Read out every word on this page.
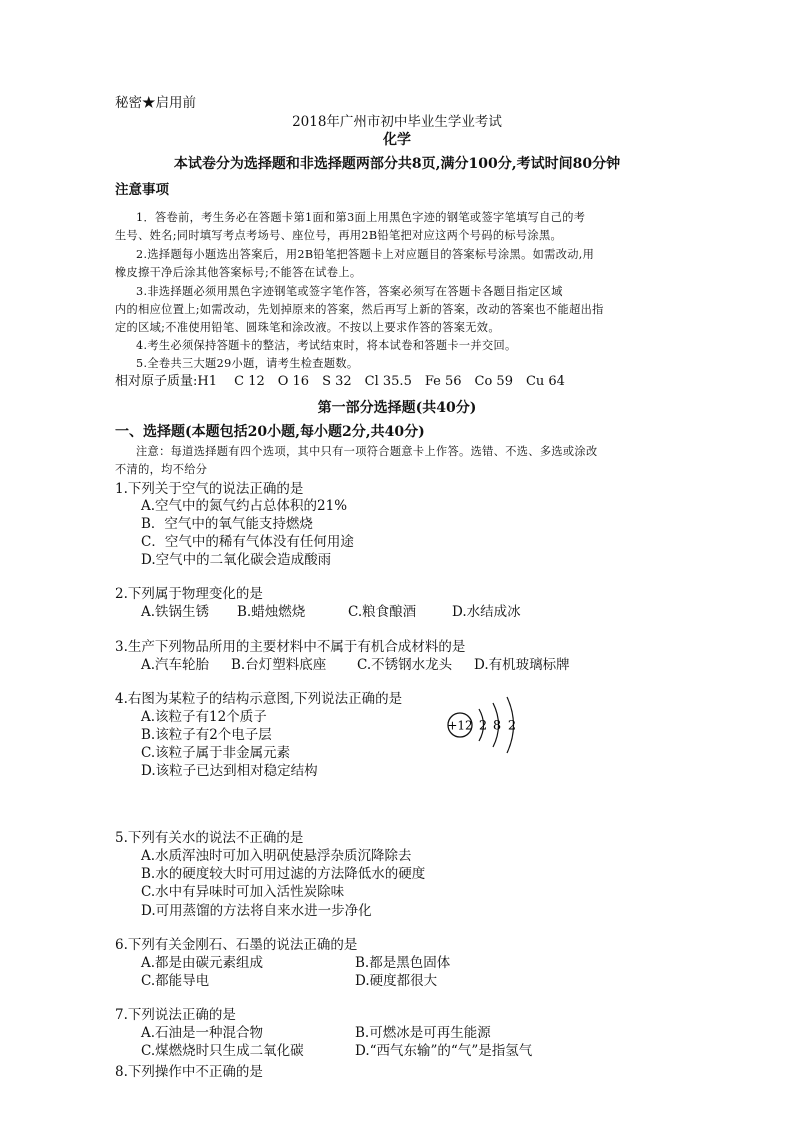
秘密★启用前
2018年广州市初中毕业生学业考试
化学
本试卷分为选择题和非选择题两部分共8页,满分100分,考试时间80分钟
注意事项
1．答卷前，考生务必在答题卡第1面和第3面上用黑色字迹的钢笔或签字笔填写自己的考
生号、姓名;同时填写考点考场号、座位号，再用2B铅笔把对应这两个号码的标号涂黑。
2.选择题每小题选出答案后，用2B铅笔把答题卡上对应题目的答案标号涂黑。如需改动,用
橡皮擦干净后涂其他答案标号;不能答在试卷上。
3.非选择题必须用黑色字迹钢笔或签字笔作答，答案必须写在答题卡各题目指定区域
内的相应位置上;如需改动，先划掉原来的答案，然后再写上新的答案，改动的答案也不能超出指
定的区域;不准使用铅笔、圆珠笔和涂改液。不按以上要求作答的答案无效。
4.考生必须保持答题卡的整洁，考试结束时，将本试卷和答题卡一并交回。
5.全卷共三大题29小题，请考生检查题数。
相对原子质量:H1　 C 12　O 16　S 32　Cl 35.5　Fe 56　Co 59　Cu 64
第一部分选择题(共40分)
一、选择题(本题包括20小题,每小题2分,共40分)
注意：每道选择题有四个选项，其中只有一项符合题意卡上作答。选错、不选、多选或涂改
不清的，均不给分
1.下列关于空气的说法正确的是
A.空气中的氮气约占总体积的21%
B．空气中的氧气能支持燃烧
C．空气中的稀有气体没有任何用途
D.空气中的二氧化碳会造成酸雨
2.下列属于物理变化的是
A.铁锅生锈 B.蜡烛燃烧	C.粮食酿酒	D.水结成冰
3.生产下列物品所用的主要材料中不属于有机合成材料的是
A.汽车轮胎 B.台灯塑料底座 C.不锈钢水龙头 D.有机玻璃标牌
4.右图为某粒子的结构示意图,下列说法正确的是
A.该粒子有12个质子
B.该粒子有2个电子层
C.该粒子属于非金属元素
D.该粒子已达到相对稳定结构
+12 2 8 2
5.下列有关水的说法不正确的是
A.水质浑浊时可加入明矾使悬浮杂质沉降除去
B.水的硬度较大时可用过滤的方法降低水的硬度
C.水中有异味时可加入活性炭除味
D.可用蒸馏的方法将自来水进一步净化
6.下列有关金刚石、石墨的说法正确的是
A.都是由碳元素组成	B.都是黑色固体
C.都能导电	D.硬度都很大
7.下列说法正确的是
A.石油是一种混合物	B.可燃冰是可再生能源
C.煤燃烧时只生成二氧化碳	D.“西气东输”的“气”是指氢气
8.下列操作中不正确的是
